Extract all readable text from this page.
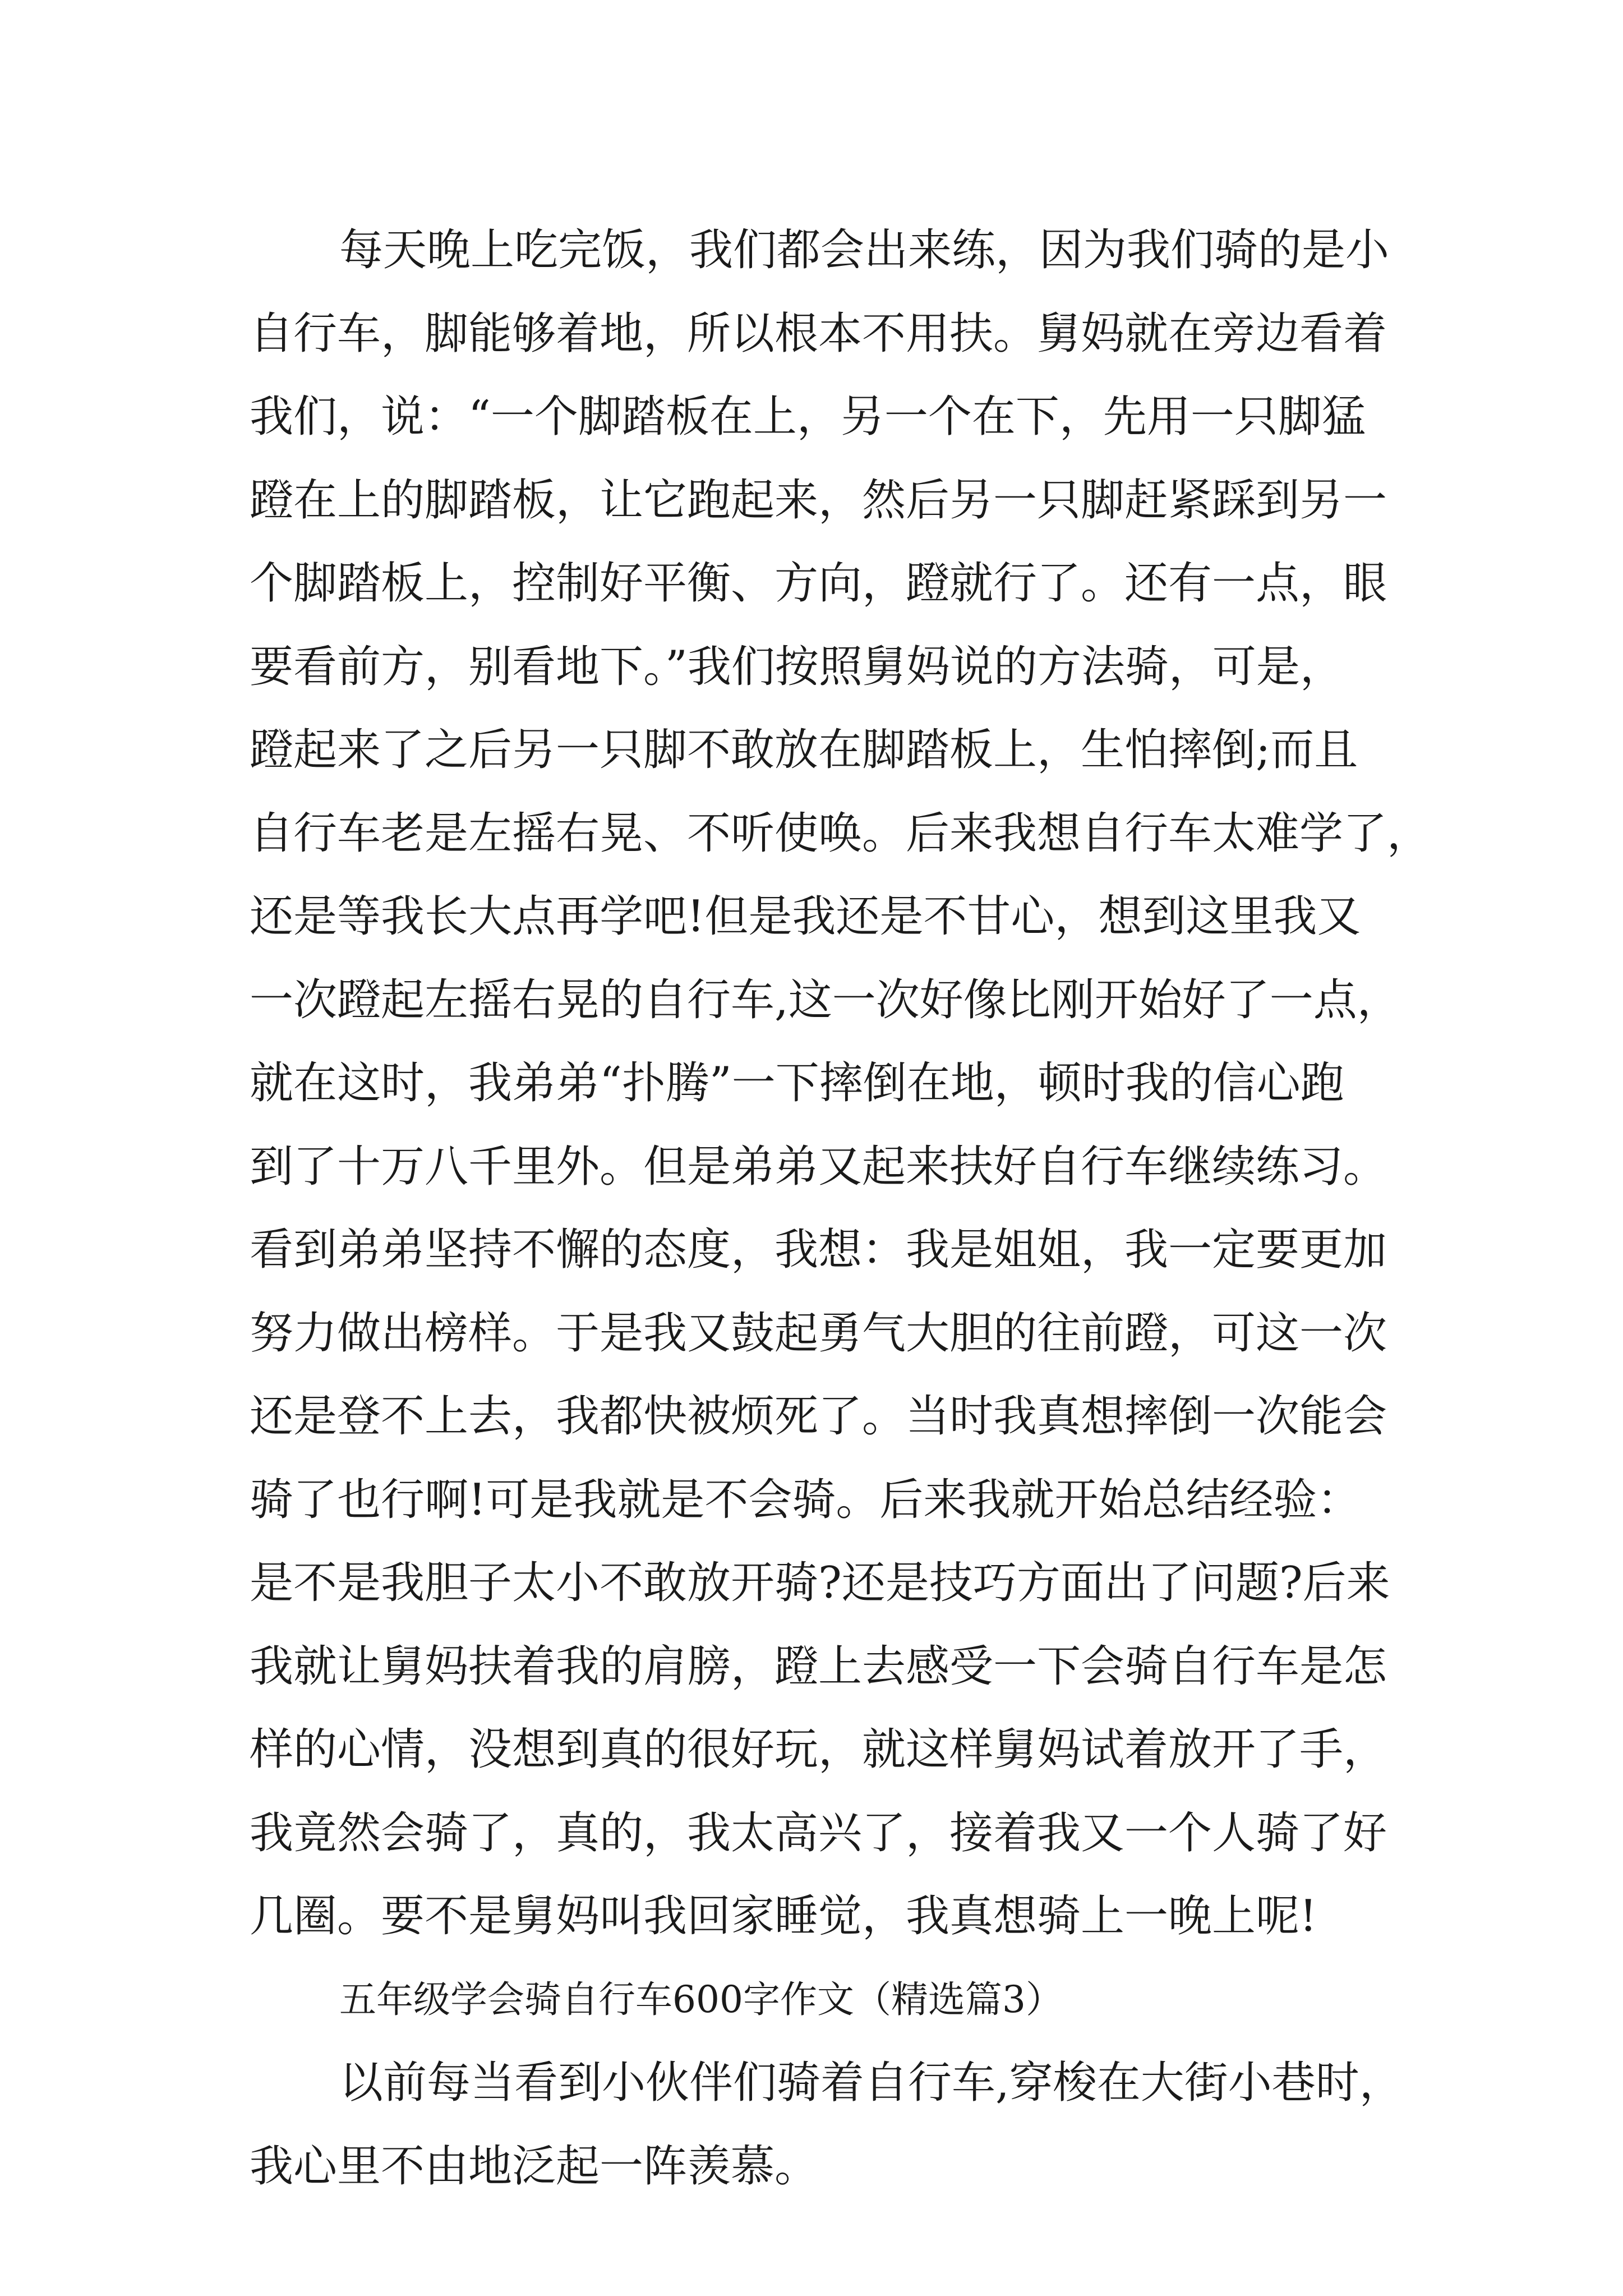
每天晚上吃完饭，我们都会出来练，因为我们骑的是小
自行车，脚能够着地，所以根本不用扶。舅妈就在旁边看着
我们，说：“一个脚踏板在上，另一个在下，先用一只脚猛
蹬在上的脚踏板，让它跑起来，然后另一只脚赶紧踩到另一
个脚踏板上，控制好平衡、方向，蹬就行了。还有一点，眼
要看前方，别看地下。”我们按照舅妈说的方法骑，可是，
蹬起来了之后另一只脚不敢放在脚踏板上，生怕摔倒;而且
自行车老是左摇右晃、不听使唤。后来我想自行车太难学了，
还是等我长大点再学吧!但是我还是不甘心，想到这里我又
一次蹬起左摇右晃的自行车,这一次好像比刚开始好了一点，
就在这时，我弟弟“扑腾”一下摔倒在地，顿时我的信心跑
到了十万八千里外。但是弟弟又起来扶好自行车继续练习。
看到弟弟坚持不懈的态度，我想：我是姐姐，我一定要更加
努力做出榜样。于是我又鼓起勇气大胆的往前蹬，可这一次
还是登不上去，我都快被烦死了。当时我真想摔倒一次能会
骑了也行啊!可是我就是不会骑。后来我就开始总结经验：
是不是我胆子太小不敢放开骑?还是技巧方面出了问题?后来
我就让舅妈扶着我的肩膀，蹬上去感受一下会骑自行车是怎
样的心情，没想到真的很好玩，就这样舅妈试着放开了手，
我竟然会骑了，真的，我太高兴了，接着我又一个人骑了好
几圈。要不是舅妈叫我回家睡觉，我真想骑上一晚上呢!
五年级学会骑自行车600字作文（精选篇3）
以前每当看到小伙伴们骑着自行车,穿梭在大街小巷时，
我心里不由地泛起一阵羡慕。
